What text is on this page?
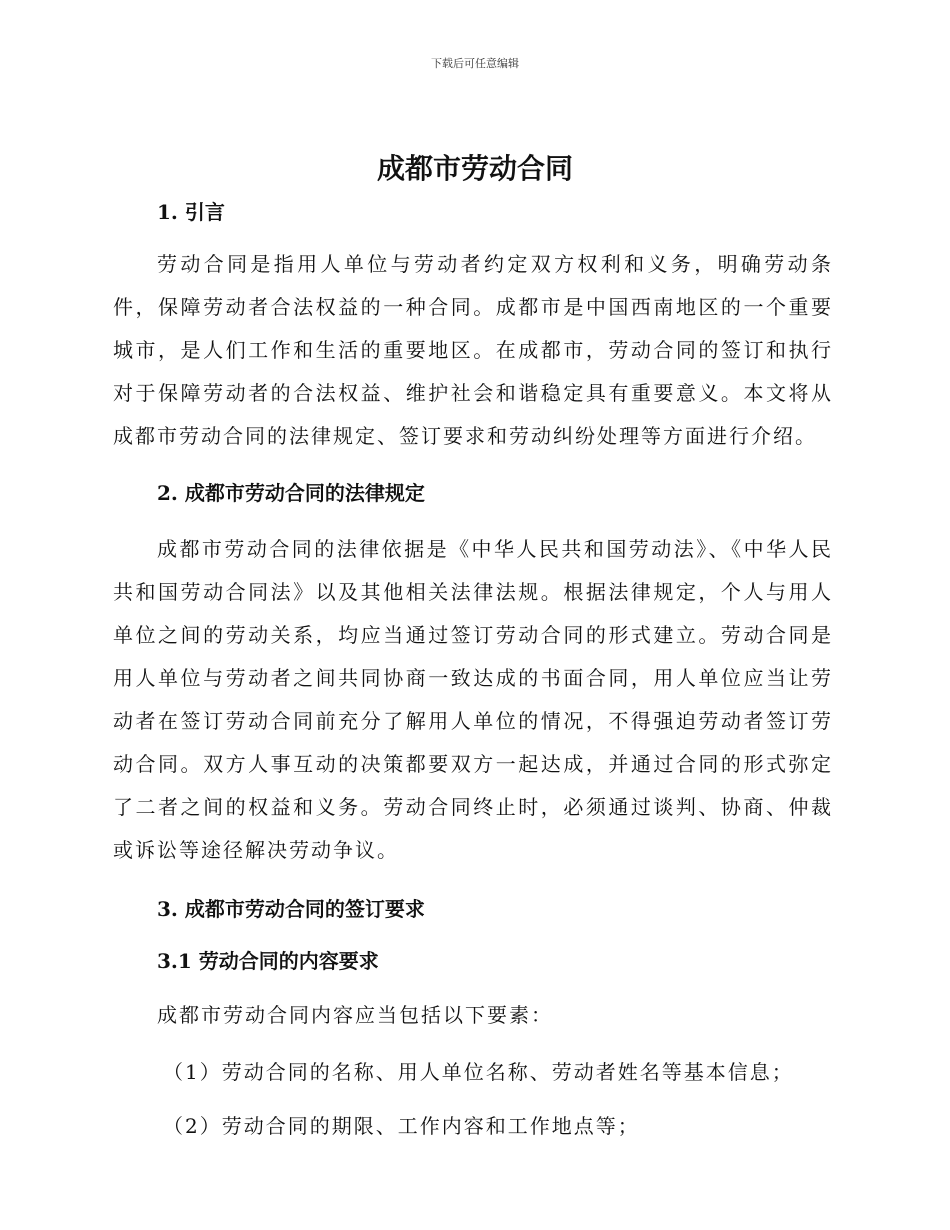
下载后可任意编辑
成都市劳动合同
1. 引言

劳动合同是指用人单位与劳动者约定双方权利和义务，明确劳动条件，保障劳动者合法权益的一种合同。成都市是中国西南地区的一个重要城市，是人们工作和生活的重要地区。在成都市，劳动合同的签订和执行对于保障劳动者的合法权益、维护社会和谐稳定具有重要意义。本文将从成都市劳动合同的法律规定、签订要求和劳动纠纷处理等方面进行介绍。

2. 成都市劳动合同的法律规定

成都市劳动合同的法律依据是《中华人民共和国劳动法》、《中华人民共和国劳动合同法》以及其他相关法律法规。根据法律规定，个人与用人单位之间的劳动关系，均应当通过签订劳动合同的形式建立。劳动合同是用人单位与劳动者之间共同协商一致达成的书面合同，用人单位应当让劳动者在签订劳动合同前充分了解用人单位的情况，不得强迫劳动者签订劳动合同。双方人事互动的决策都要双方一起达成，并通过合同的形式弥定了二者之间的权益和义务。劳动合同终止时，必须通过谈判、协商、仲裁或诉讼等途径解决劳动争议。

3. 成都市劳动合同的签订要求
3.1 劳动合同的内容要求

成都市劳动合同内容应当包括以下要素：

（1）劳动合同的名称、用人单位名称、劳动者姓名等基本信息；

（2）劳动合同的期限、工作内容和工作地点等；
